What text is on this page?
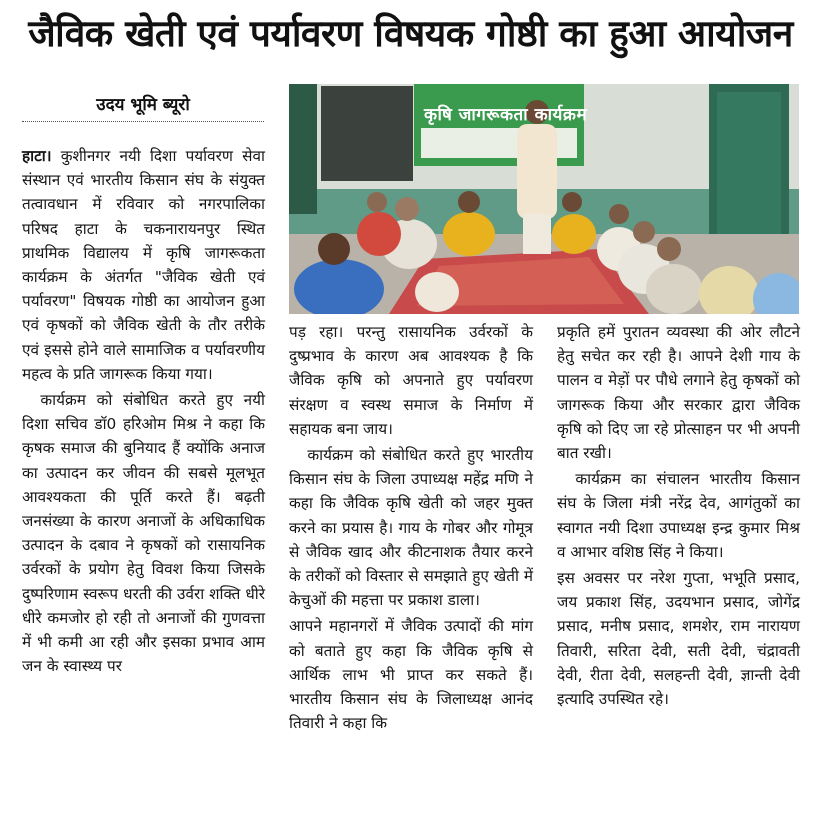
जैविक खेती एवं पर्यावरण विषयक गोष्ठी का हुआ आयोजन
उदय भूमि ब्यूरो

हाटा। कुशीनगर नयी दिशा पर्यावरण सेवा संस्थान एवं भारतीय किसान संघ के संयुक्त तत्वावधान में रविवार को नगरपालिका परिषद हाटा के चकनारायनपुर स्थित प्राथमिक विद्यालय में कृषि जागरूकता कार्यक्रम के अंतर्गत "जैविक खेती एवं पर्यावरण" विषयक गोष्ठी का आयोजन हुआ एवं कृषकों को जैविक खेती के तौर तरीके एवं इससे होने वाले सामाजिक व पर्यावरणीय महत्व के प्रति जागरूक किया गया।

कार्यक्रम को संबोधित करते हुए नयी दिशा सचिव डॉ0 हरिओम मिश्र ने कहा कि कृषक समाज की बुनियाद हैं क्योंकि अनाज का उत्पादन कर जीवन की सबसे मूलभूत आवश्यकता की पूर्ति करते हैं। बढ़ती जनसंख्या के कारण अनाजों के अधिकाधिक उत्पादन के दबाव ने कृषकों को रासायनिक उर्वरकों के प्रयोग हेतु विवश किया जिसके दुष्परिणाम स्वरूप धरती की उर्वरा शक्ति धीरे धीरे कमजोर हो रही तो अनाजों की गुणवत्ता में भी कमी आ रही और इसका प्रभाव आम जन के स्वास्थ्य पर

कृषि जागरूकता कार्यक्रम

पड़ रहा। परन्तु रासायनिक उर्वरकों के दुष्प्रभाव के कारण अब आवश्यक है कि जैविक कृषि को अपनाते हुए पर्यावरण संरक्षण व स्वस्थ समाज के निर्माण में सहायक बना जाय।

कार्यक्रम को संबोधित करते हुए भारतीय किसान संघ के जिला उपाध्यक्ष महेंद्र मणि ने कहा कि जैविक कृषि खेती को जहर मुक्त करने का प्रयास है। गाय के गोबर और गोमूत्र से जैविक खाद और कीटनाशक तैयार करने के तरीकों को विस्तार से समझाते हुए खेती में केचुओं की महत्ता पर प्रकाश डाला।

आपने महानगरों में जैविक उत्पादों की मांग को बताते हुए कहा कि जैविक कृषि से आर्थिक लाभ भी प्राप्त कर सकते हैं। भारतीय किसान संघ के जिलाध्यक्ष आनंद तिवारी ने कहा कि

प्रकृति हमें पुरातन व्यवस्था की ओर लौटने हेतु सचेत कर रही है। आपने देशी गाय के पालन व मेड़ों पर पौधे लगाने हेतु कृषकों को जागरूक किया और सरकार द्वारा जैविक कृषि को दिए जा रहे प्रोत्साहन पर भी अपनी बात रखी।

कार्यक्रम का संचालन भारतीय किसान संघ के जिला मंत्री नरेंद्र देव, आगंतुकों का स्वागत नयी दिशा उपाध्यक्ष इन्द्र कुमार मिश्र व आभार वशिष्ठ सिंह ने किया।

इस अवसर पर नरेश गुप्ता, भभूति प्रसाद, जय प्रकाश सिंह, उदयभान प्रसाद, जोगेंद्र प्रसाद, मनीष प्रसाद, शमशेर, राम नारायण तिवारी, सरिता देवी, सती देवी, चंद्रावती देवी, रीता देवी, सलहन्ती देवी, ज्ञान्ती देवी इत्यादि उपस्थित रहे।
